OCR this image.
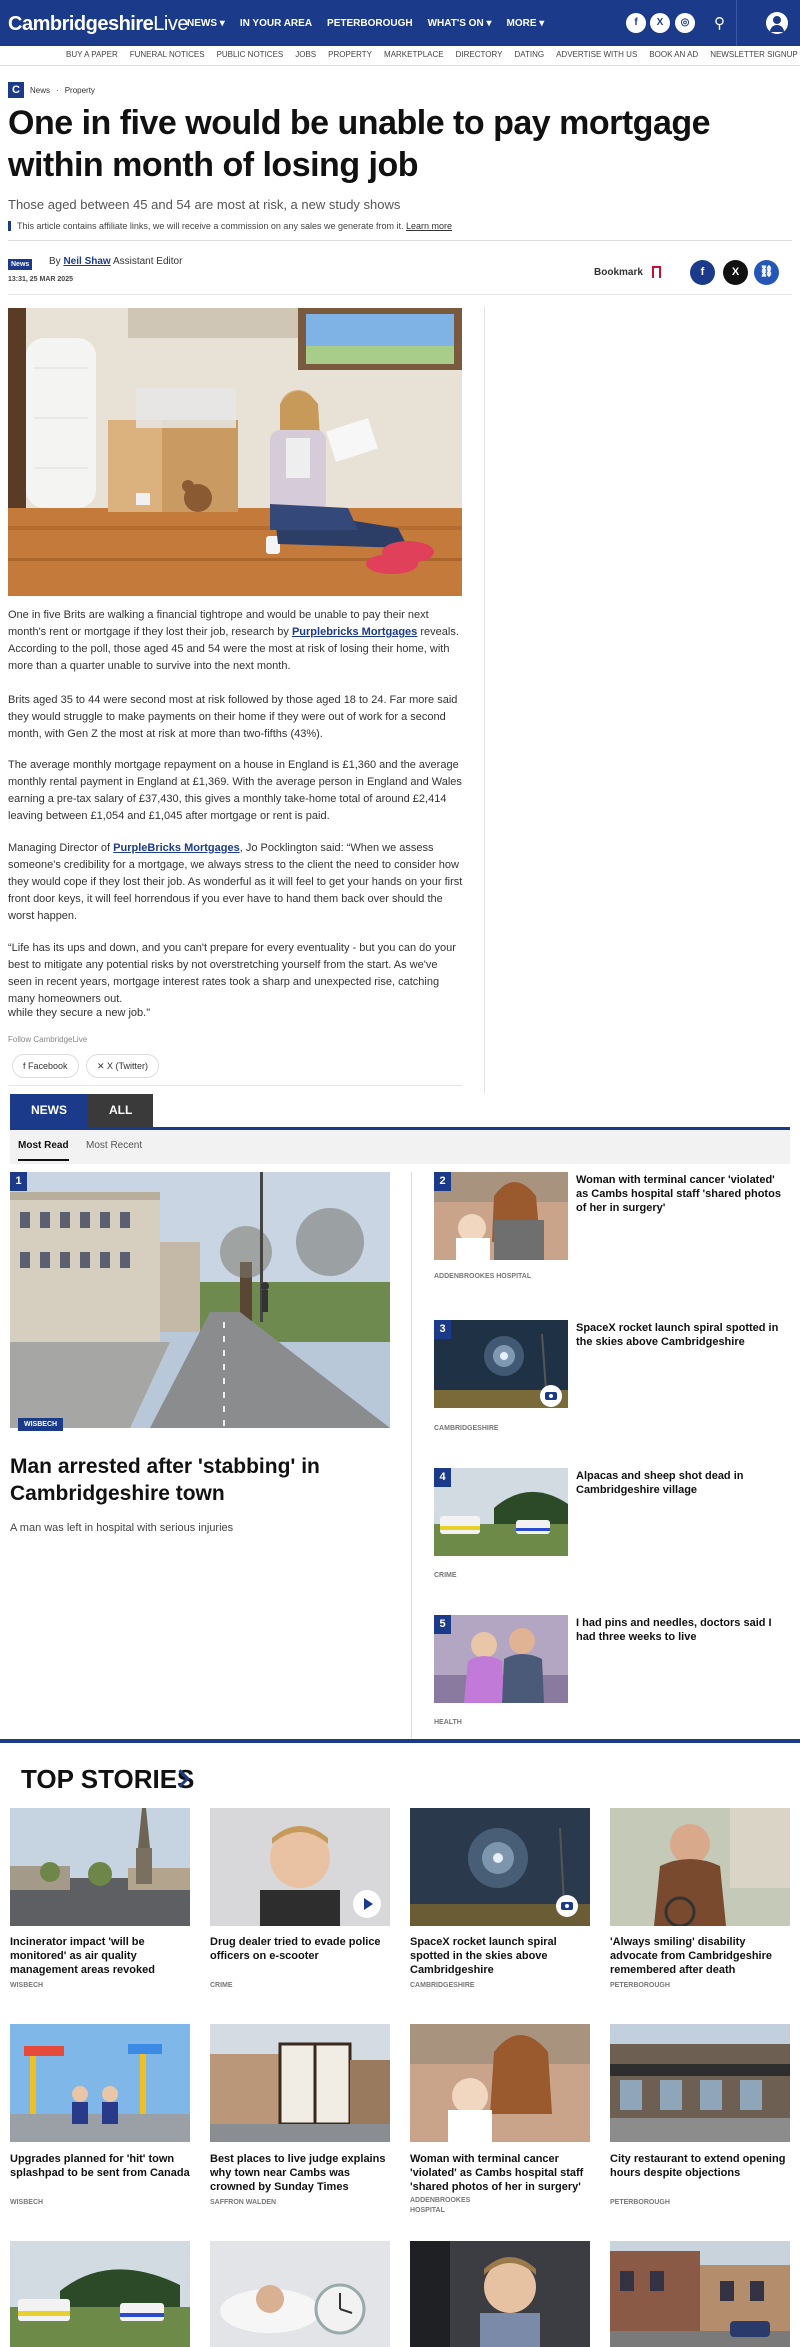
CambridgeshireLive NEWS ▾ IN YOUR AREA PETERBOROUGH WHAT'S ON ▾ MORE ▾	f	X	◎	⚲
BUY A PAPER FUNERAL NOTICES PUBLIC NOTICES JOBS PROPERTY MARKETPLACE DIRECTORY DATING ADVERTISE WITH US BOOK AN AD NEWSLETTER SIGNUP
C	News · Property
One in five would be unable to pay mortgage within month of losing job
Those aged between 45 and 54 are most at risk, a new study shows
This article contains affiliate links, we will receive a commission on any sales we generate from it. Learn more
News	By Neil Shaw Assistant Editor
13:31, 25 MAR 2025
Bookmark	f	X	⛓
One in five Brits are walking a financial tightrope and would be unable to pay their next month's rent or mortgage if they lost their job, research by Purplebricks Mortgages reveals. According to the poll, those aged 45 and 54 were the most at risk of losing their home, with more than a quarter unable to survive into the next month.
Brits aged 35 to 44 were second most at risk followed by those aged 18 to 24. Far more said they would struggle to make payments on their home if they were out of work for a second month, with Gen Z the most at risk at more than two-fifths (43%).
The average monthly mortgage repayment on a house in England is £1,360 and the average monthly rental payment in England at £1,369. With the average person in England and Wales earning a pre-tax salary of £37,430, this gives a monthly take-home total of around £2,414 leaving between £1,054 and £1,045 after mortgage or rent is paid.
Managing Director of PurpleBricks Mortgages, Jo Pocklington said: “When we assess someone's credibility for a mortgage, we always stress to the client the need to consider how they would cope if they lost their job. As wonderful as it will feel to get your hands on your first front door keys, it will feel horrendous if you ever have to hand them back over should the worst happen.
“Life has its ups and down, and you can't prepare for every eventuality - but you can do your best to mitigate any potential risks by not overstretching yourself from the start. As we've seen in recent years, mortgage interest rates took a sharp and unexpected rise, catching many homeowners out.
while they secure a new job."
Follow CambridgeLive
f Facebook	✕ X (Twitter)
NEWS	ALL
Most Read Most Recent
1
WISBECH
Man arrested after 'stabbing' in Cambridgeshire town
A man was left in hospital with serious injuries
2	Woman with terminal cancer 'violated' as Cambs hospital staff 'shared photos of her in surgery'
ADDENBROOKES HOSPITAL
3	SpaceX rocket launch spiral spotted in the skies above Cambridgeshire
CAMBRIDGESHIRE
4	Alpacas and sheep shot dead in Cambridgeshire village
CRIME
5	I had pins and needles, doctors said I had three weeks to live
HEALTH
TOP STORIES
Incinerator impact 'will be monitored' as air quality management areas revoked
WISBECH
Drug dealer tried to evade police officers on e-scooter
CRIME
SpaceX rocket launch spiral spotted in the skies above Cambridgeshire
CAMBRIDGESHIRE
'Always smiling' disability advocate from Cambridgeshire remembered after death
PETERBOROUGH
Upgrades planned for 'hit' town splashpad to be sent from Canada
WISBECH
Best places to live judge explains why town near Cambs was crowned by Sunday Times
SAFFRON WALDEN
Woman with terminal cancer 'violated' as Cambs hospital staff 'shared photos of her in surgery'
ADDENBROOKES HOSPITAL
City restaurant to extend opening hours despite objections
PETERBOROUGH
